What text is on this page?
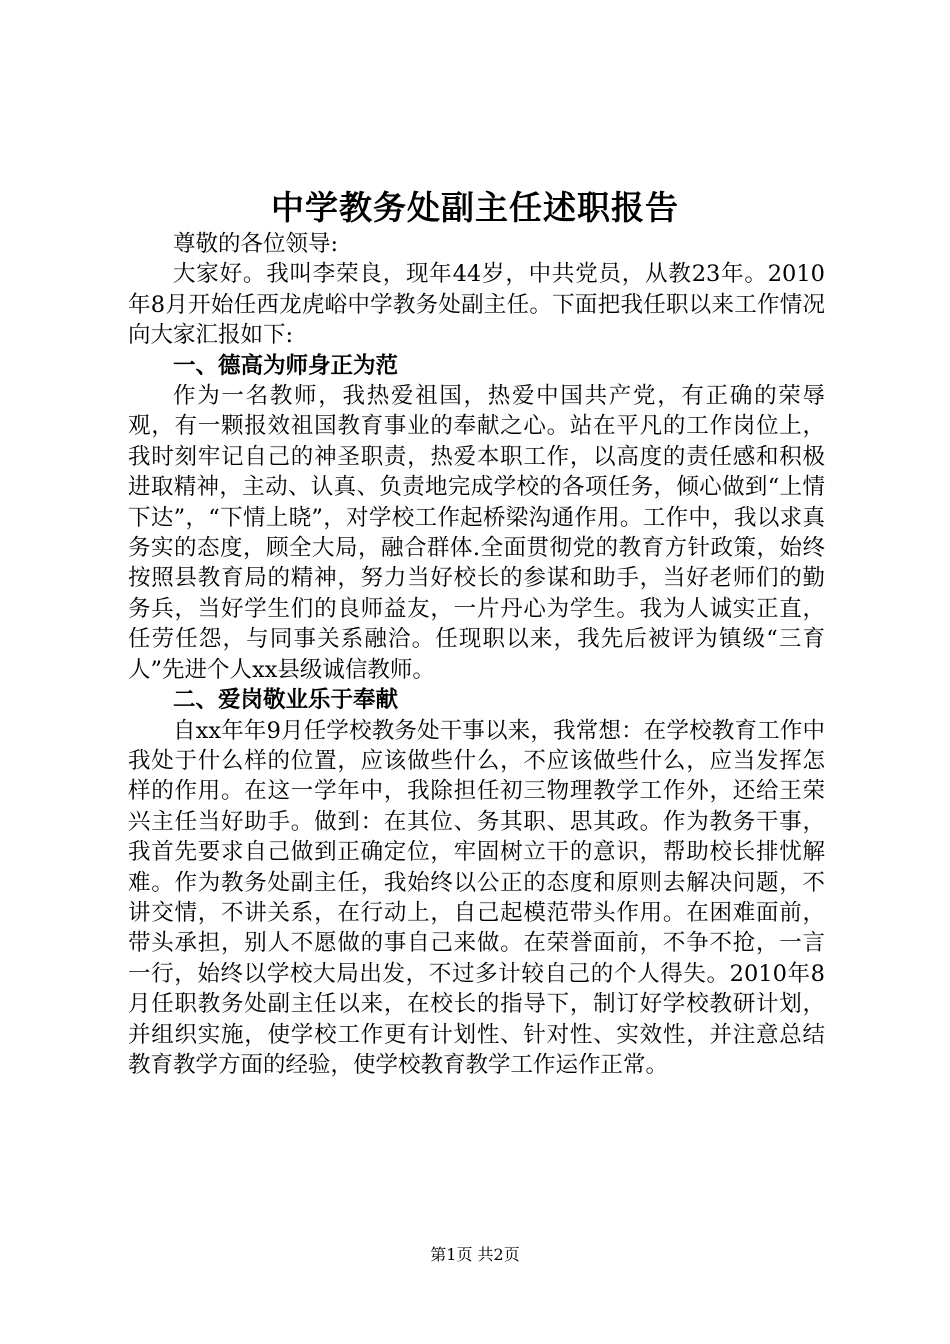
中学教务处副主任述职报告

尊敬的各位领导:

大家好。我叫李荣良，现年44岁，中共党员，从教23年。2010年8月开始任西龙虎峪中学教务处副主任。下面把我任职以来工作情况向大家汇报如下:

一、德高为师身正为范

作为一名教师，我热爱祖国，热爱中国共产党，有正确的荣辱观，有一颗报效祖国教育事业的奉献之心。站在平凡的工作岗位上，我时刻牢记自己的神圣职责，热爱本职工作，以高度的责任感和积极进取精神，主动、认真、负责地完成学校的各项任务，倾心做到“上情下达”，“下情上晓”，对学校工作起桥梁沟通作用。工作中，我以求真务实的态度，顾全大局，融合群体.全面贯彻党的教育方针政策，始终按照县教育局的精神，努力当好校长的参谋和助手，当好老师们的勤务兵，当好学生们的良师益友，一片丹心为学生。我为人诚实正直，任劳任怨，与同事关系融洽。任现职以来，我先后被评为镇级“三育人”先进个人xx县级诚信教师。

二、爱岗敬业乐于奉献

自xx年年9月任学校教务处干事以来，我常想：在学校教育工作中我处于什么样的位置，应该做些什么，不应该做些什么，应当发挥怎样的作用。在这一学年中，我除担任初三物理教学工作外，还给王荣兴主任当好助手。做到：在其位、务其职、思其政。作为教务干事，我首先要求自己做到正确定位，牢固树立干的意识，帮助校长排忧解难。作为教务处副主任，我始终以公正的态度和原则去解决问题，不讲交情，不讲关系，在行动上，自己起模范带头作用。在困难面前，带头承担，别人不愿做的事自己来做。在荣誉面前，不争不抢，一言一行，始终以学校大局出发，不过多计较自己的个人得失。2010年8月任职教务处副主任以来，在校长的指导下，制订好学校教研计划，并组织实施，使学校工作更有计划性、针对性、实效性，并注意总结教育教学方面的经验，使学校教育教学工作运作正常。

第1页 共2页
